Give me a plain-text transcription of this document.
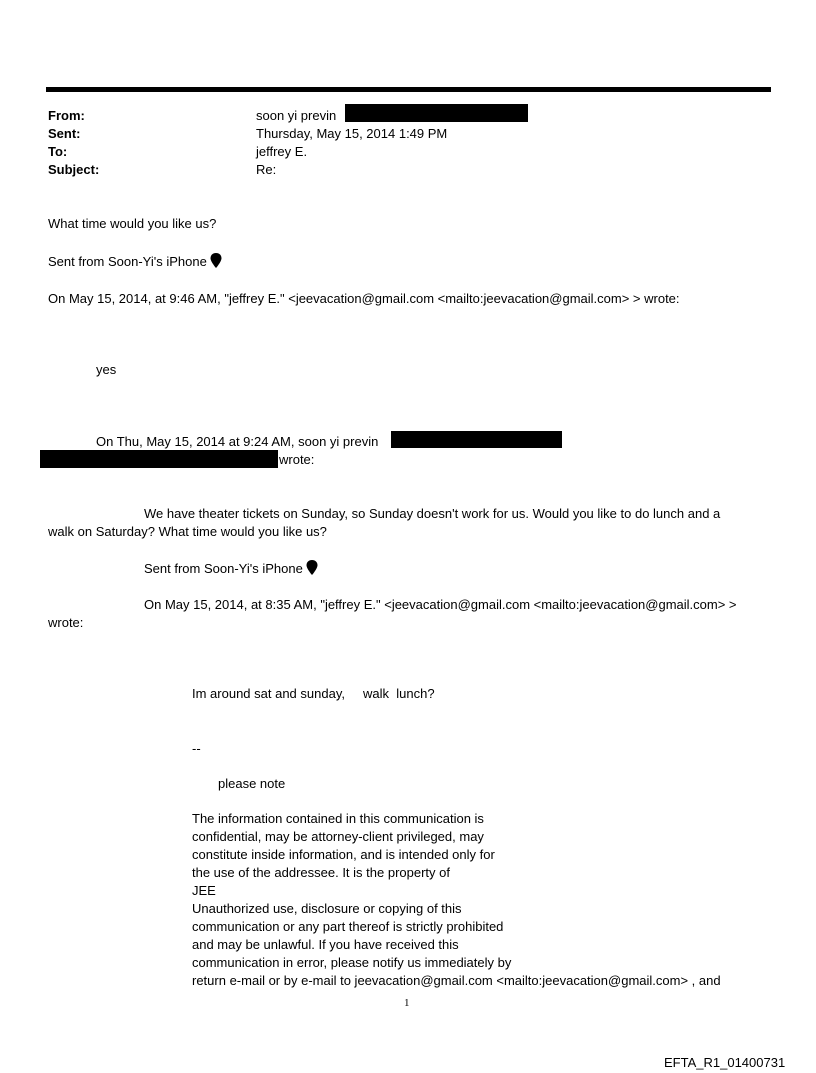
From:	soon yi previn
Sent:	Thursday, May 15, 2014 1:49 PM
To:	jeffrey E.
Subject:	Re:
What time would you like us?
Sent from Soon-Yi's iPhone
On May 15, 2014, at 9:46 AM, "jeffrey E." <jeevacation@gmail.com <mailto:jeevacation@gmail.com> > wrote:
yes
On Thu, May 15, 2014 at 9:24 AM, soon yi previn
wrote:
We have theater tickets on Sunday, so Sunday doesn't work for us. Would you like to do lunch and a
walk on Saturday? What time would you like us?
Sent from Soon-Yi's iPhone
On May 15, 2014, at 8:35 AM, "jeffrey E." <jeevacation@gmail.com <mailto:jeevacation@gmail.com> >
wrote:
Im around sat and sunday,     walk  lunch?
--
please note
The information contained in this communication is
confidential, may be attorney-client privileged, may
constitute inside information, and is intended only for
the use of the addressee. It is the property of
JEE
Unauthorized use, disclosure or copying of this
communication or any part thereof is strictly prohibited
and may be unlawful. If you have received this
communication in error, please notify us immediately by
return e-mail or by e-mail to jeevacation@gmail.com <mailto:jeevacation@gmail.com> , and
1
EFTA_R1_01400731
